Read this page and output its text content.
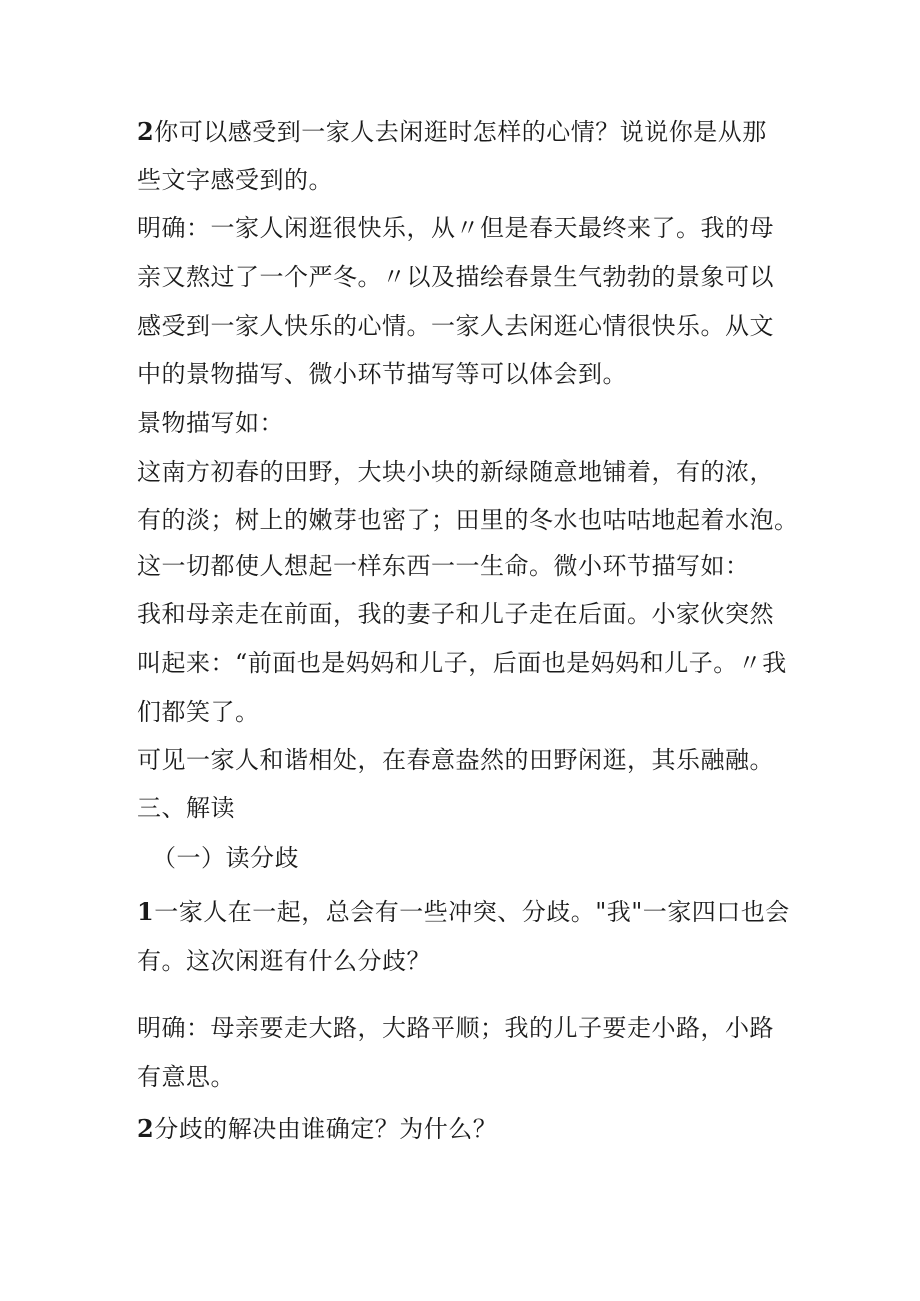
2你可以感受到一家人去闲逛时怎样的心情？说说你是从那
些文字感受到的。
明确：一家人闲逛很快乐，从〃但是春天最终来了。我的母
亲又熬过了一个严冬。〃以及描绘春景生气勃勃的景象可以
感受到一家人快乐的心情。一家人去闲逛心情很快乐。从文
中的景物描写、微小环节描写等可以体会到。
景物描写如：
这南方初春的田野，大块小块的新绿随意地铺着，有的浓，
有的淡；树上的嫩芽也密了；田里的冬水也咕咕地起着水泡。
这一切都使人想起一样东西一一生命。微小环节描写如：
我和母亲走在前面，我的妻子和儿子走在后面。小家伙突然
叫起来：“前面也是妈妈和儿子，后面也是妈妈和儿子。〃我
们都笑了。
可见一家人和谐相处，在春意盎然的田野闲逛，其乐融融。
三、解读
（一）读分歧
1一家人在一起，总会有一些冲突、分歧。"我"一家四口也会
有。这次闲逛有什么分歧？
明确：母亲要走大路，大路平顺；我的儿子要走小路，小路
有意思。
2分歧的解决由谁确定？为什么？
